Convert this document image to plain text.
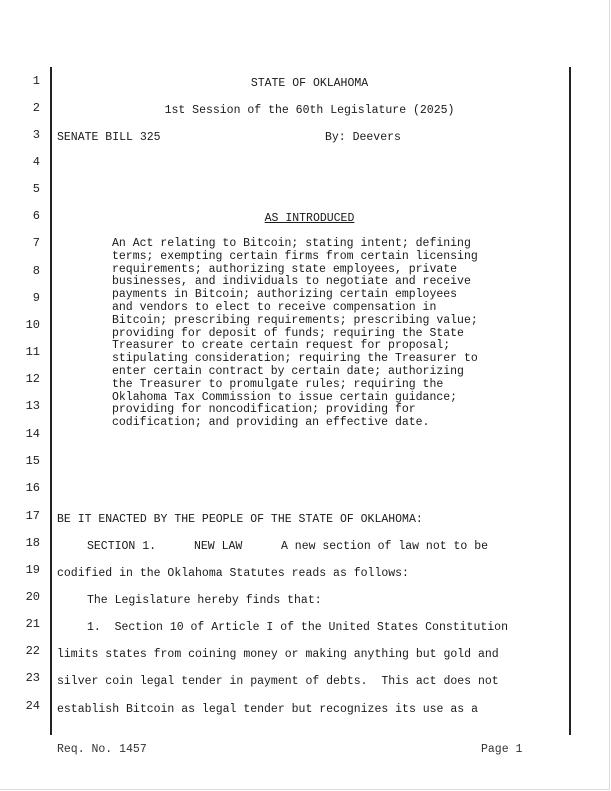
1
2
3
4
5
6
7
8
9
10
11
12
13
14
15
16
17
18
19
20
21
22
23
24
STATE OF OKLAHOMA
1st Session of the 60th Legislature (2025)
SENATE BILL 325	By: Deevers
AS INTRODUCED
An Act relating to Bitcoin; stating intent; defining
terms; exempting certain firms from certain licensing
requirements; authorizing state employees, private
businesses, and individuals to negotiate and receive
payments in Bitcoin; authorizing certain employees
and vendors to elect to receive compensation in
Bitcoin; prescribing requirements; prescribing value;
providing for deposit of funds; requiring the State
Treasurer to create certain request for proposal;
stipulating consideration; requiring the Treasurer to
enter certain contract by certain date; authorizing
the Treasurer to promulgate rules; requiring the
Oklahoma Tax Commission to issue certain guidance;
providing for noncodification; providing for
codification; and providing an effective date.
BE IT ENACTED BY THE PEOPLE OF THE STATE OF OKLAHOMA:
SECTION 1.	NEW LAW	A new section of law not to be
codified in the Oklahoma Statutes reads as follows:
The Legislature hereby finds that:
1.  Section 10 of Article I of the United States Constitution
limits states from coining money or making anything but gold and
silver coin legal tender in payment of debts.  This act does not
establish Bitcoin as legal tender but recognizes its use as a
Req. No. 1457	Page 1
